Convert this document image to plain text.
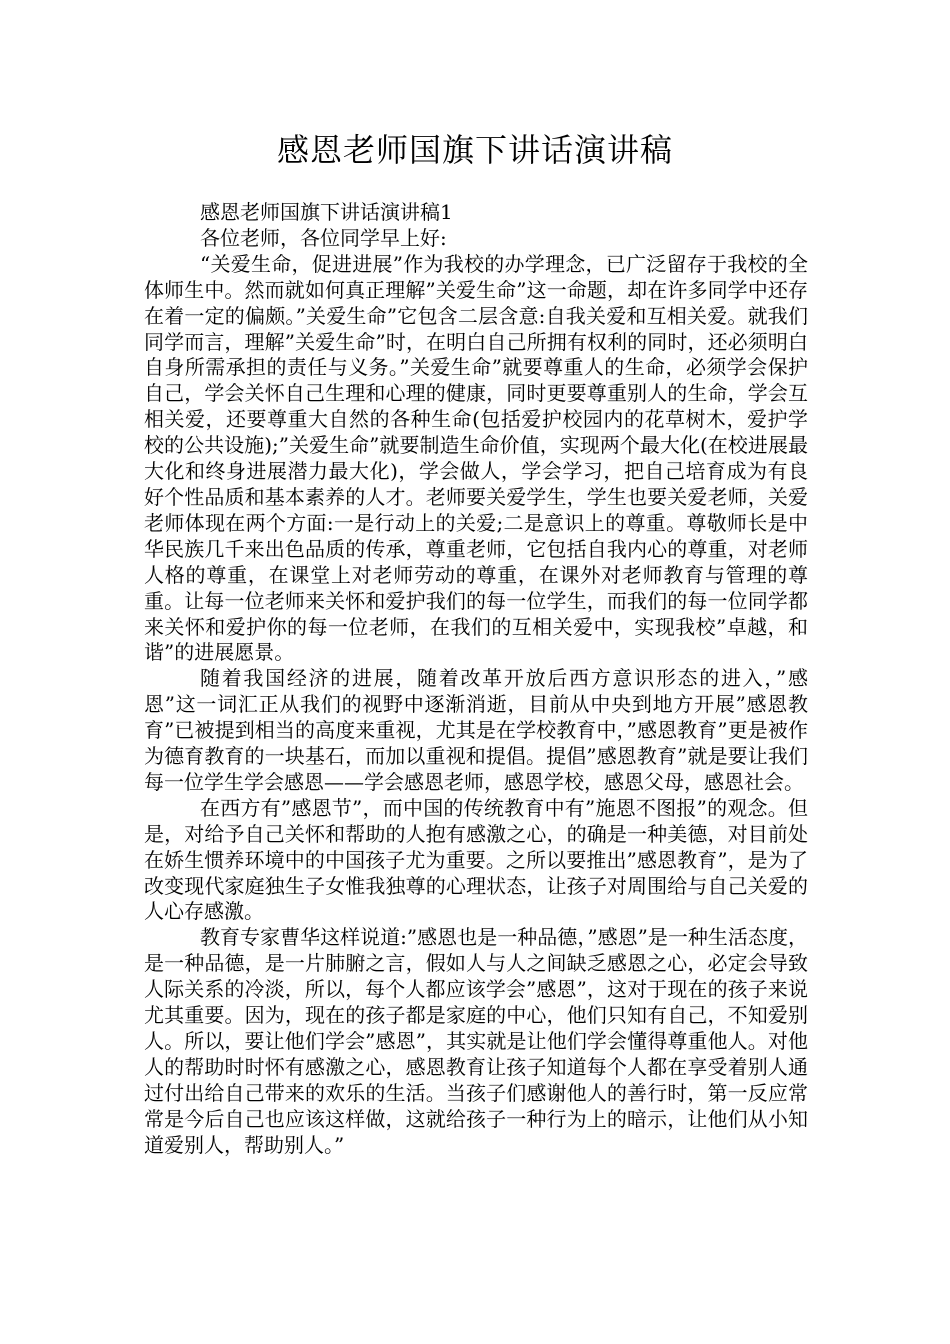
感恩老师国旗下讲话演讲稿

感恩老师国旗下讲话演讲稿1

各位老师，各位同学早上好:

“关爱生命，促进进展”作为我校的办学理念，已广泛留存于我校的全体师生中。然而就如何真正理解”关爱生命”这一命题，却在许多同学中还存在着一定的偏颇。”关爱生命”它包含二层含意:自我关爱和互相关爱。就我们同学而言，理解”关爱生命”时，在明白自己所拥有权利的同时，还必须明白自身所需承担的责任与义务。”关爱生命”就要尊重人的生命，必须学会保护自己，学会关怀自己生理和心理的健康，同时更要尊重别人的生命，学会互相关爱，还要尊重大自然的各种生命(包括爱护校园内的花草树木，爱护学校的公共设施);”关爱生命”就要制造生命价值，实现两个最大化(在校进展最大化和终身进展潜力最大化)，学会做人，学会学习，把自己培育成为有良好个性品质和基本素养的人才。老师要关爱学生，学生也要关爱老师，关爱老师体现在两个方面:一是行动上的关爱;二是意识上的尊重。尊敬师长是中华民族几千来出色品质的传承，尊重老师，它包括自我内心的尊重，对老师人格的尊重，在课堂上对老师劳动的尊重，在课外对老师教育与管理的尊重。让每一位老师来关怀和爱护我们的每一位学生，而我们的每一位同学都来关怀和爱护你的每一位老师，在我们的互相关爱中，实现我校”卓越，和谐”的进展愿景。

随着我国经济的进展，随着改革开放后西方意识形态的进入，”感恩”这一词汇正从我们的视野中逐渐消逝，目前从中央到地方开展”感恩教育”已被提到相当的高度来重视，尤其是在学校教育中，”感恩教育”更是被作为德育教育的一块基石，而加以重视和提倡。提倡”感恩教育”就是要让我们每一位学生学会感恩——学会感恩老师，感恩学校，感恩父母，感恩社会。

在西方有”感恩节”，而中国的传统教育中有”施恩不图报”的观念。但是，对给予自己关怀和帮助的人抱有感激之心，的确是一种美德，对目前处在娇生惯养环境中的中国孩子尤为重要。之所以要推出”感恩教育”，是为了改变现代家庭独生子女惟我独尊的心理状态，让孩子对周围给与自己关爱的人心存感激。

教育专家曹华这样说道:”感恩也是一种品德，”感恩”是一种生活态度，是一种品德，是一片肺腑之言，假如人与人之间缺乏感恩之心，必定会导致人际关系的冷淡，所以，每个人都应该学会”感恩”，这对于现在的孩子来说尤其重要。因为，现在的孩子都是家庭的中心，他们只知有自己，不知爱别人。所以，要让他们学会”感恩”，其实就是让他们学会懂得尊重他人。对他人的帮助时时怀有感激之心，感恩教育让孩子知道每个人都在享受着别人通过付出给自己带来的欢乐的生活。当孩子们感谢他人的善行时，第一反应常常是今后自己也应该这样做，这就给孩子一种行为上的暗示，让他们从小知道爱别人，帮助别人。”
